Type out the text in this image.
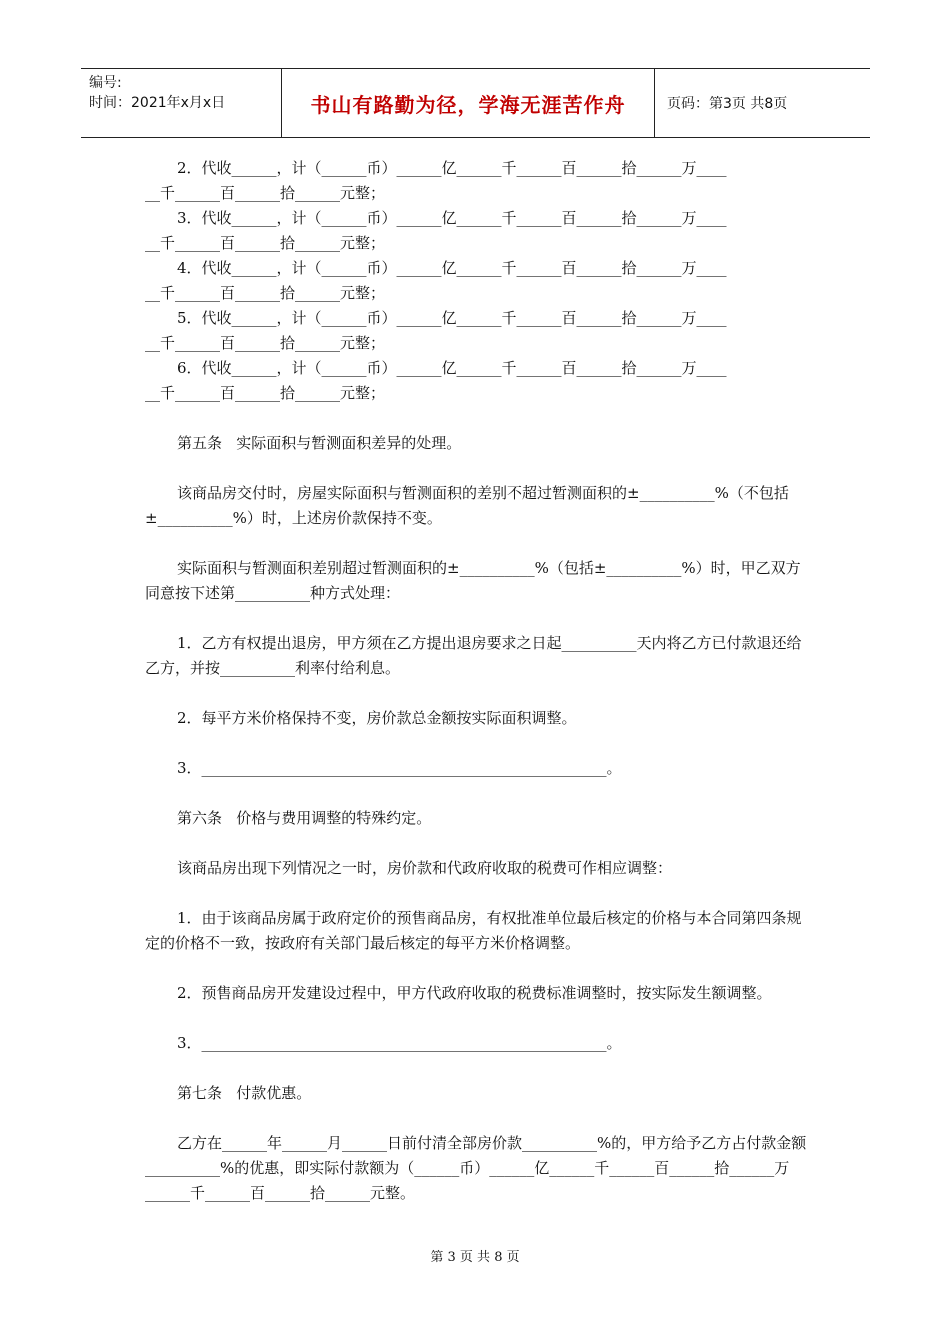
编号:
时间：2021年x月x日	书山有路勤为径，学海无涯苦作舟	页码：第3页 共8页
2．代收______，计（______币）______亿______千______百______拾______万____
__千______百______拾______元整；
3．代收______，计（______币）______亿______千______百______拾______万____
__千______百______拾______元整；
4．代收______，计（______币）______亿______千______百______拾______万____
__千______百______拾______元整；
5．代收______，计（______币）______亿______千______百______拾______万____
__千______百______拾______元整；
6．代收______，计（______币）______亿______千______百______拾______万____
__千______百______拾______元整；
第五条   实际面积与暂测面积差异的处理。
该商品房交付时，房屋实际面积与暂测面积的差别不超过暂测面积的±__________%（不包括±__________%）时，上述房价款保持不变。
实际面积与暂测面积差别超过暂测面积的±__________%（包括±__________%）时，甲乙双方同意按下述第__________种方式处理：
1．乙方有权提出退房，甲方须在乙方提出退房要求之日起__________天内将乙方已付款退还给乙方，并按__________利率付给利息。
2．每平方米价格保持不变，房价款总金额按实际面积调整。
3．______________________________________________________。
第六条   价格与费用调整的特殊约定。
该商品房出现下列情况之一时，房价款和代政府收取的税费可作相应调整：
1．由于该商品房属于政府定价的预售商品房，有权批准单位最后核定的价格与本合同第四条规定的价格不一致，按政府有关部门最后核定的每平方米价格调整。
2．预售商品房开发建设过程中，甲方代政府收取的税费标准调整时，按实际发生额调整。
3．______________________________________________________。
第七条   付款优惠。
乙方在______年______月______日前付清全部房价款__________%的，甲方给予乙方占付款金额__________%的优惠，即实际付款额为（______币）______亿______千______百______拾______万______千______百______拾______元整。
第 3 页 共 8 页
